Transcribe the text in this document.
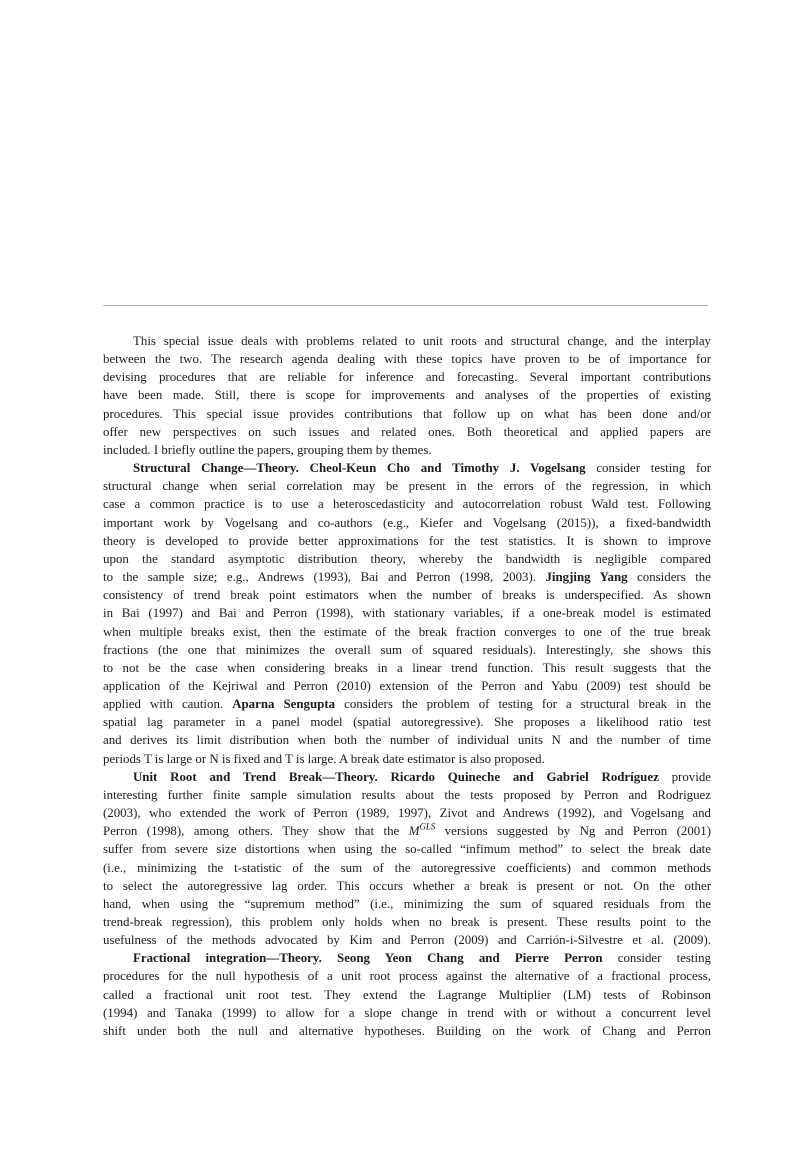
This special issue deals with problems related to unit roots and structural change, and the interplay
between the two. The research agenda dealing with these topics have proven to be of importance for
devising procedures that are reliable for inference and forecasting. Several important contributions
have been made. Still, there is scope for improvements and analyses of the properties of existing
procedures. This special issue provides contributions that follow up on what has been done and/or
offer new perspectives on such issues and related ones. Both theoretical and applied papers are
included. I briefly outline the papers, grouping them by themes.
Structural Change—Theory. Cheol-Keun Cho and Timothy J. Vogelsang consider testing for
structural change when serial correlation may be present in the errors of the regression, in which
case a common practice is to use a heteroscedasticity and autocorrelation robust Wald test. Following
important work by Vogelsang and co-authors (e.g., Kiefer and Vogelsang (2015)), a fixed-bandwidth
theory is developed to provide better approximations for the test statistics. It is shown to improve
upon the standard asymptotic distribution theory, whereby the bandwidth is negligible compared
to the sample size; e.g., Andrews (1993), Bai and Perron (1998, 2003). Jingjing Yang considers the
consistency of trend break point estimators when the number of breaks is underspecified. As shown
in Bai (1997) and Bai and Perron (1998), with stationary variables, if a one-break model is estimated
when multiple breaks exist, then the estimate of the break fraction converges to one of the true break
fractions (the one that minimizes the overall sum of squared residuals). Interestingly, she shows this
to not be the case when considering breaks in a linear trend function. This result suggests that the
application of the Kejriwal and Perron (2010) extension of the Perron and Yabu (2009) test should be
applied with caution. Aparna Sengupta considers the problem of testing for a structural break in the
spatial lag parameter in a panel model (spatial autoregressive). She proposes a likelihood ratio test
and derives its limit distribution when both the number of individual units N and the number of time
periods T is large or N is fixed and T is large. A break date estimator is also proposed.
Unit Root and Trend Break—Theory. Ricardo Quineche and Gabriel Rodríguez provide
interesting further finite sample simulation results about the tests proposed by Perron and Rodriguez
(2003), who extended the work of Perron (1989, 1997), Zivot and Andrews (1992), and Vogelsang and
Perron (1998), among others. They show that the $M^{GLS}$ versions suggested by Ng and Perron (2001)
suffer from severe size distortions when using the so-called “infimum method” to select the break date
(i.e., minimizing the t-statistic of the sum of the autoregressive coefficients) and common methods
to select the autoregressive lag order. This occurs whether a break is present or not. On the other
hand, when using the “supremum method” (i.e., minimizing the sum of squared residuals from the
trend-break regression), this problem only holds when no break is present. These results point to the
usefulness of the methods advocated by Kim and Perron (2009) and Carrión-i-Silvestre et al. (2009).
Fractional integration—Theory. Seong Yeon Chang and Pierre Perron consider testing
procedures for the null hypothesis of a unit root process against the alternative of a fractional process,
called a fractional unit root test. They extend the Lagrange Multiplier (LM) tests of Robinson
(1994) and Tanaka (1999) to allow for a slope change in trend with or without a concurrent level
shift under both the null and alternative hypotheses. Building on the work of Chang and Perron
